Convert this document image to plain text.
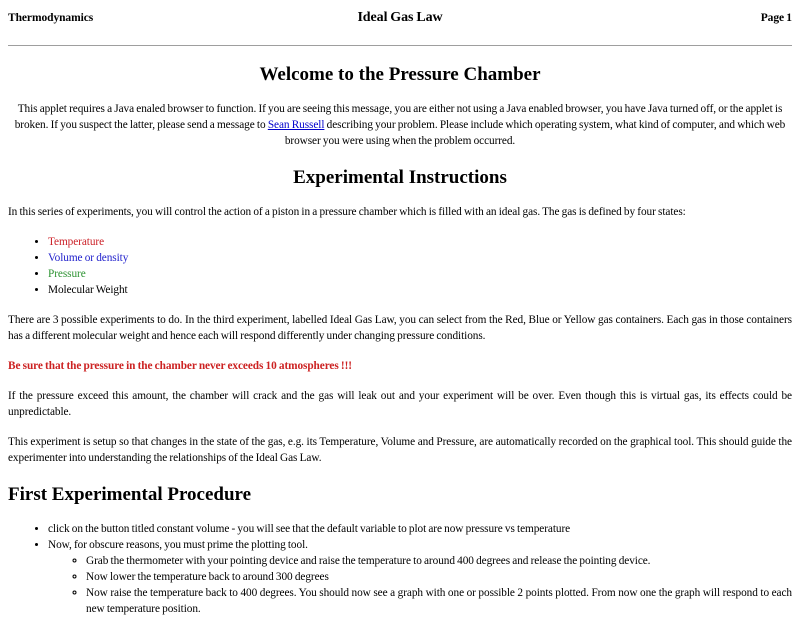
Thermodynamics	Ideal Gas Law	Page 1
Welcome to the Pressure Chamber

This applet requires a Java enaled browser to function. If you are seeing this message, you are either not using a Java enabled browser, you have Java turned off, or the applet is broken. If you suspect the latter, please send a message to Sean Russell describing your problem. Please include which operating system, what kind of computer, and which web browser you were using when the problem occurred.

Experimental Instructions

In this series of experiments, you will control the action of a piston in a pressure chamber which is filled with an ideal gas. The gas is defined by four states:

• Temperature
• Volume or density
• Pressure
• Molecular Weight

There are 3 possible experiments to do. In the third experiment, labelled Ideal Gas Law, you can select from the Red, Blue or Yellow gas containers. Each gas in those containers has a different molecular weight and hence each will respond differently under changing pressure conditions.

Be sure that the pressure in the chamber never exceeds 10 atmospheres !!!

If the pressure exceed this amount, the chamber will crack and the gas will leak out and your experiment will be over. Even though this is virtual gas, its effects could be unpredictable.

This experiment is setup so that changes in the state of the gas, e.g. its Temperature, Volume and Pressure, are automatically recorded on the graphical tool. This should guide the experimenter into understanding the relationships of the Ideal Gas Law.

First Experimental Procedure
• click on the button titled constant volume - you will see that the default variable to plot are now pressure vs temperature
• Now, for obscure reasons, you must prime the plotting tool.
◦ Grab the thermometer with your pointing device and raise the temperature to around 400 degrees and release the pointing device.
◦ Now lower the temperature back to around 300 degrees
◦ Now raise the temperature back to 400 degrees. You should now see a graph with one or possible 2 points plotted. From now one the graph will respond to each new temperature position.
